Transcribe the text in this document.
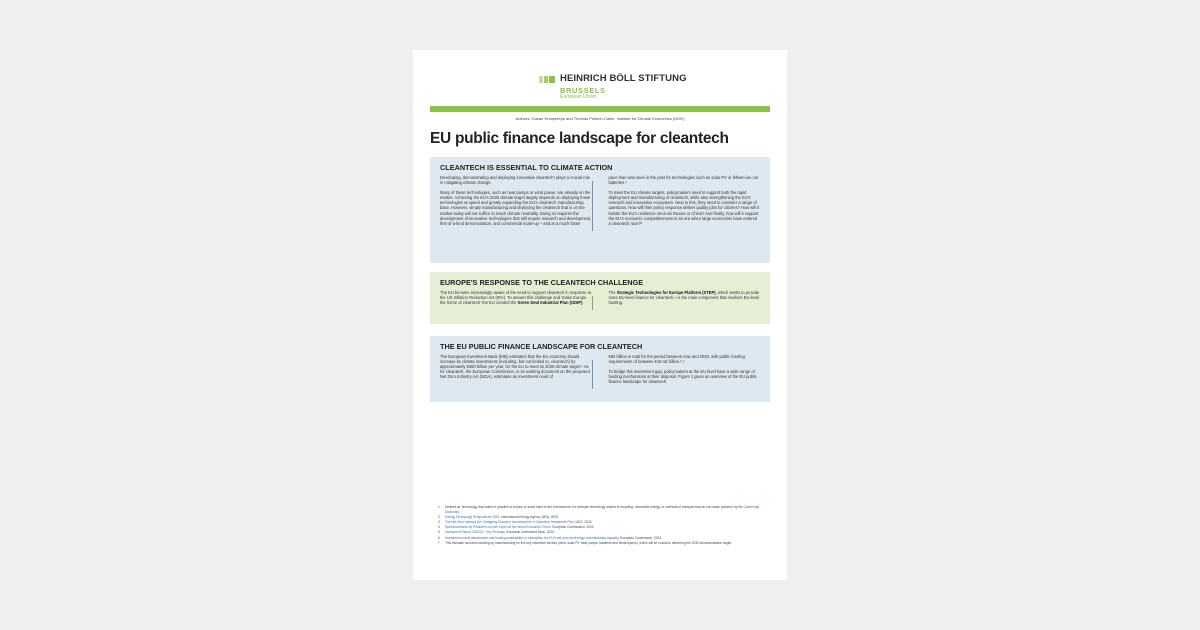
HEINRICH BÖLL STIFTUNG
BRUSSELS
European Union
Authors: Ciarán Humphreys and Thomas Pellerin-Carlin, Institute for Climate Economics (I4CE)
EU public finance landscape for cleantech
CLEANTECH IS ESSENTIAL TO CLIMATE ACTION

Developing, demonstrating and deploying innovative cleantech¹ plays a crucial role in mitigating climate change.

Many of these technologies, such as heat pumps or wind power, are already on the market. Achieving the EU's 2030 climate target largely depends on deploying these technologies at speed and greatly expanding the EU's cleantech manufacturing base. However, simply manufacturing and deploying the cleantech that is on the market today will not suffice to reach climate neutrality. Doing so requires the development of innovative technologies that still require research and development, first-of-a-kind demonstration, and commercial scale-up – and at a much faster

pace than was seen in the past for technologies such as solar PV or lithium-ion car batteries.²

To meet the EU climate targets, policymakers need to support both the rapid deployment and manufacturing of cleantech, while also strengthening the EU's research and innovation ecosystem. Next to this, they need to consider a range of questions. How will their policy response deliver quality jobs for citizens? How will it bolster the EU's resilience vis-à-vis Russia or China? And finally, how will it support the EU's economic competitiveness in an era when large economies have entered a cleantech race?³

EUROPE'S RESPONSE TO THE CLEANTECH CHALLENGE

The EU became increasingly aware of the need to support cleantech in response to the US Inflation Reduction Act (IRA). To answer this challenge and 'make Europe the home of cleantech' the EU created the Green Deal Industrial Plan (GDIP).

The Strategic Technologies for Europe Platform (STEP), which seeks to provide more EU-level finance for cleantech,⁴ is the main component that involves EU-level funding.

THE EU PUBLIC FINANCE LANDSCAPE FOR CLEANTECH

The European Investment Bank (EIB) estimates that the EU economy should increase its climate investments (including, but not limited to, cleantech) by approximately €360 billion per year, for the EU to meet its 2030 climate target.⁵ As for cleantech, the European Commission, in its working document on the proposed Net Zero Industry Act (NZIA), estimates an investment need of

€92 billion in total for the period between now and 2030, with public funding requirements of between €16-18 billion.⁶,⁷

To bridge this investment gap, policymakers at the EU level have a wide range of funding mechanisms at their disposal. Figure 1 gives an overview of the EU public finance landscape for cleantech.

1	Defined as 'technology that makes it possible to reduce or avoid harm to the environment, for example technology related to recycling, renewable energy, or methods of transport that do not cause pollution' by the Cambridge Dictionary.
2	Energy Technology Perspectives 2023, International Energy Agency (IEA), 2023.
3	The Net-Zero Industry Act: Designing Europe's Launchpad for a Cleantech Investment Plan, I4CE, 2023.
4	Special Address by President von der Leyen at the World Economic Forum, European Commission, 2023.
5	Investment Report 2022/23 - Key Findings, European Investment Bank, 2023.
6	Investment needs assessment and funding availabilities to strengthen the EU's net-zero technology manufacturing capacity, European Commission, 2023.
7	This estimate concerns building up manufacturing for five key cleantech sectors (wind, solar PV, heat pumps, batteries and electrolysers), which will be crucial to delivering the 2030 decarbonisation target.
